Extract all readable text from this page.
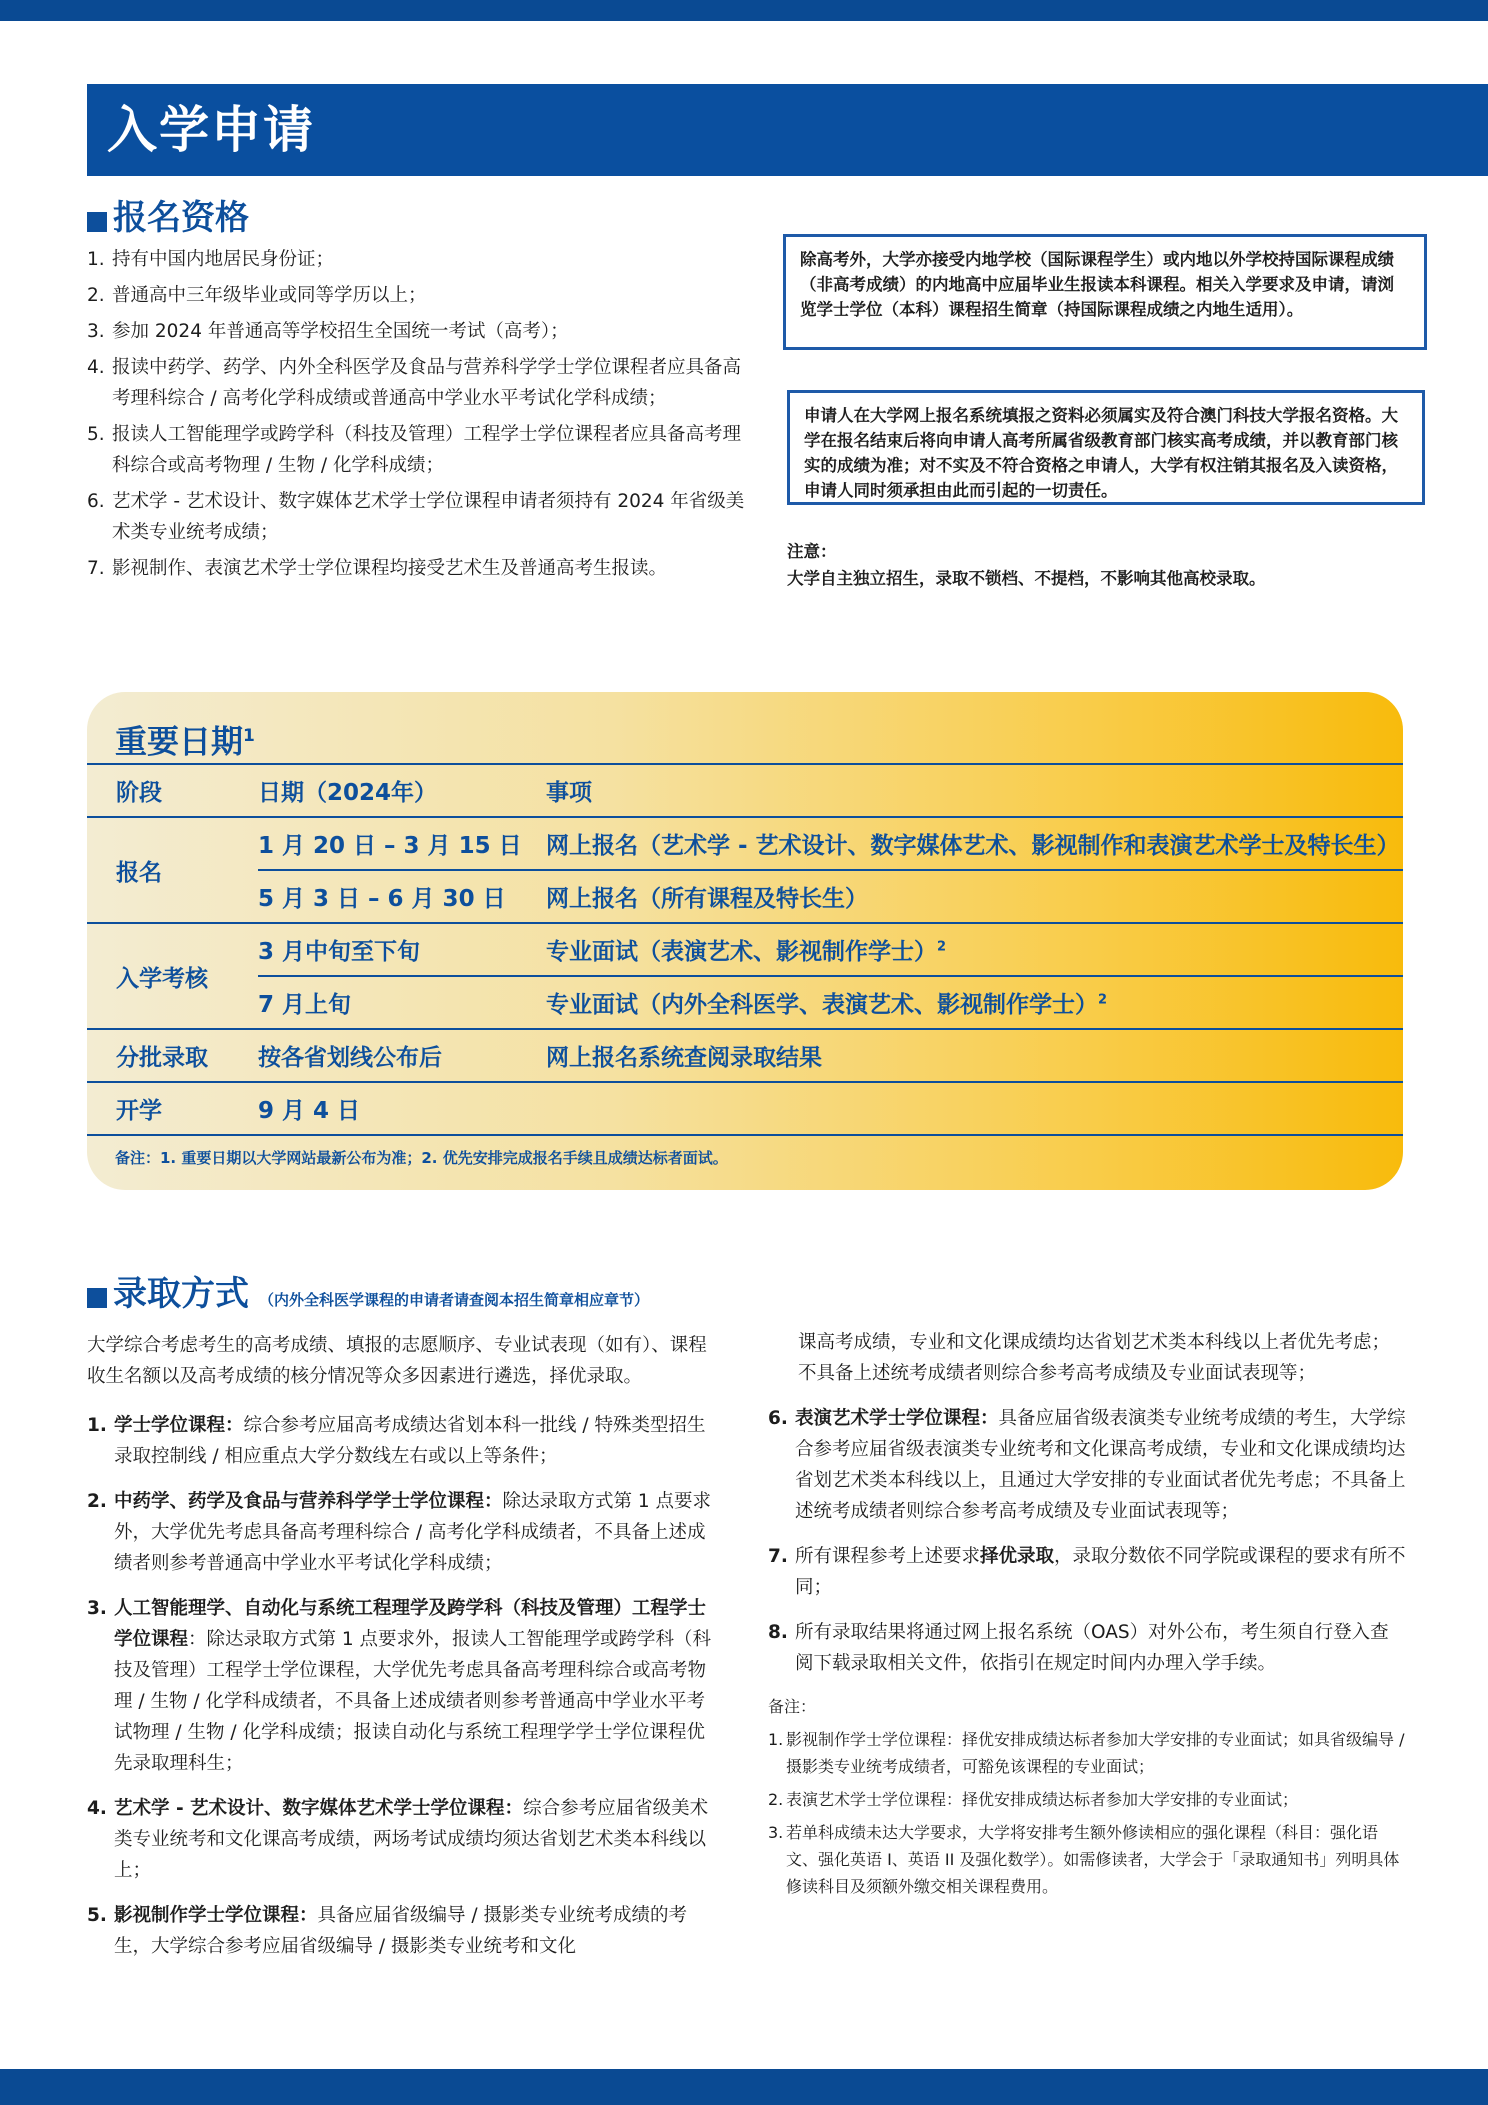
入学申请
报名资格
1. 持有中国内地居民身份证；
2. 普通高中三年级毕业或同等学历以上；
3. 参加 2024 年普通高等学校招生全国统一考试（高考）；
4. 报读中药学、药学、内外全科医学及食品与营养科学学士学位课程者应具备高考理科综合 / 高考化学科成绩或普通高中学业水平考试化学科成绩；
5. 报读人工智能理学或跨学科（科技及管理）工程学士学位课程者应具备高考理科综合或高考物理 / 生物 / 化学科成绩；
6. 艺术学 - 艺术设计、数字媒体艺术学士学位课程申请者须持有 2024 年省级美术类专业统考成绩；
7. 影视制作、表演艺术学士学位课程均接受艺术生及普通高考生报读。
除高考外，大学亦接受内地学校（国际课程学生）或内地以外学校持国际课程成绩（非高考成绩）的内地高中应届毕业生报读本科课程。相关入学要求及申请，请浏览学士学位（本科）课程招生简章（持国际课程成绩之内地生适用）。
申请人在大学网上报名系统填报之资料必须属实及符合澳门科技大学报名资格。大学在报名结束后将向申请人高考所属省级教育部门核实高考成绩，并以教育部门核实的成绩为准；对不实及不符合资格之申请人，大学有权注销其报名及入读资格，申请人同时须承担由此而引起的一切责任。
注意：
大学自主独立招生，录取不锁档、不提档，不影响其他高校录取。
重要日期$^1$
阶段	日期（2024年）	事项
报名	1 月 20 日 – 3 月 15 日	网上报名（艺术学 - 艺术设计、数字媒体艺术、影视制作和表演艺术学士及特长生）
	5 月 3 日 – 6 月 30 日	网上报名（所有课程及特长生）
入学考核	3 月中旬至下旬	专业面试（表演艺术、影视制作学士）$^2$
	7 月上旬	专业面试（内外全科医学、表演艺术、影视制作学士）$^2$
分批录取	按各省划线公布后	网上报名系统查阅录取结果
开学	9 月 4 日	
备注：1. 重要日期以大学网站最新公布为准；2. 优先安排完成报名手续且成绩达标者面试。
录取方式 （内外全科医学课程的申请者请查阅本招生简章相应章节）
大学综合考虑考生的高考成绩、填报的志愿顺序、专业试表现（如有）、课程收生名额以及高考成绩的核分情况等众多因素进行遴选，择优录取。
1. 学士学位课程：综合参考应届高考成绩达省划本科一批线 / 特殊类型招生录取控制线 / 相应重点大学分数线左右或以上等条件；
2. 中药学、药学及食品与营养科学学士学位课程：除达录取方式第 1 点要求外，大学优先考虑具备高考理科综合 / 高考化学科成绩者，不具备上述成绩者则参考普通高中学业水平考试化学科成绩；
3. 人工智能理学、自动化与系统工程理学及跨学科（科技及管理）工程学士学位课程：除达录取方式第 1 点要求外，报读人工智能理学或跨学科（科技及管理）工程学士学位课程，大学优先考虑具备高考理科综合或高考物理 / 生物 / 化学科成绩者，不具备上述成绩者则参考普通高中学业水平考试物理 / 生物 / 化学科成绩；报读自动化与系统工程理学学士学位课程优先录取理科生；
4. 艺术学 - 艺术设计、数字媒体艺术学士学位课程：综合参考应届省级美术类专业统考和文化课高考成绩，两场考试成绩均须达省划艺术类本科线以上；
5. 影视制作学士学位课程：具备应届省级编导 / 摄影类专业统考成绩的考生，大学综合参考应届省级编导 / 摄影类专业统考和文化
课高考成绩，专业和文化课成绩均达省划艺术类本科线以上者优先考虑；不具备上述统考成绩者则综合参考高考成绩及专业面试表现等；
6. 表演艺术学士学位课程：具备应届省级表演类专业统考成绩的考生，大学综合参考应届省级表演类专业统考和文化课高考成绩，专业和文化课成绩均达省划艺术类本科线以上，且通过大学安排的专业面试者优先考虑；不具备上述统考成绩者则综合参考高考成绩及专业面试表现等；
7. 所有课程参考上述要求择优录取，录取分数依不同学院或课程的要求有所不同；
8. 所有录取结果将通过网上报名系统（OAS）对外公布，考生须自行登入查阅下载录取相关文件，依指引在规定时间内办理入学手续。
备注：
1. 影视制作学士学位课程：择优安排成绩达标者参加大学安排的专业面试；如具省级编导 / 摄影类专业统考成绩者，可豁免该课程的专业面试；
2. 表演艺术学士学位课程：择优安排成绩达标者参加大学安排的专业面试；
3. 若单科成绩未达大学要求，大学将安排考生额外修读相应的强化课程（科目：强化语文、强化英语 I、英语 II 及强化数学）。如需修读者，大学会于「录取通知书」列明具体修读科目及须额外缴交相关课程费用。
